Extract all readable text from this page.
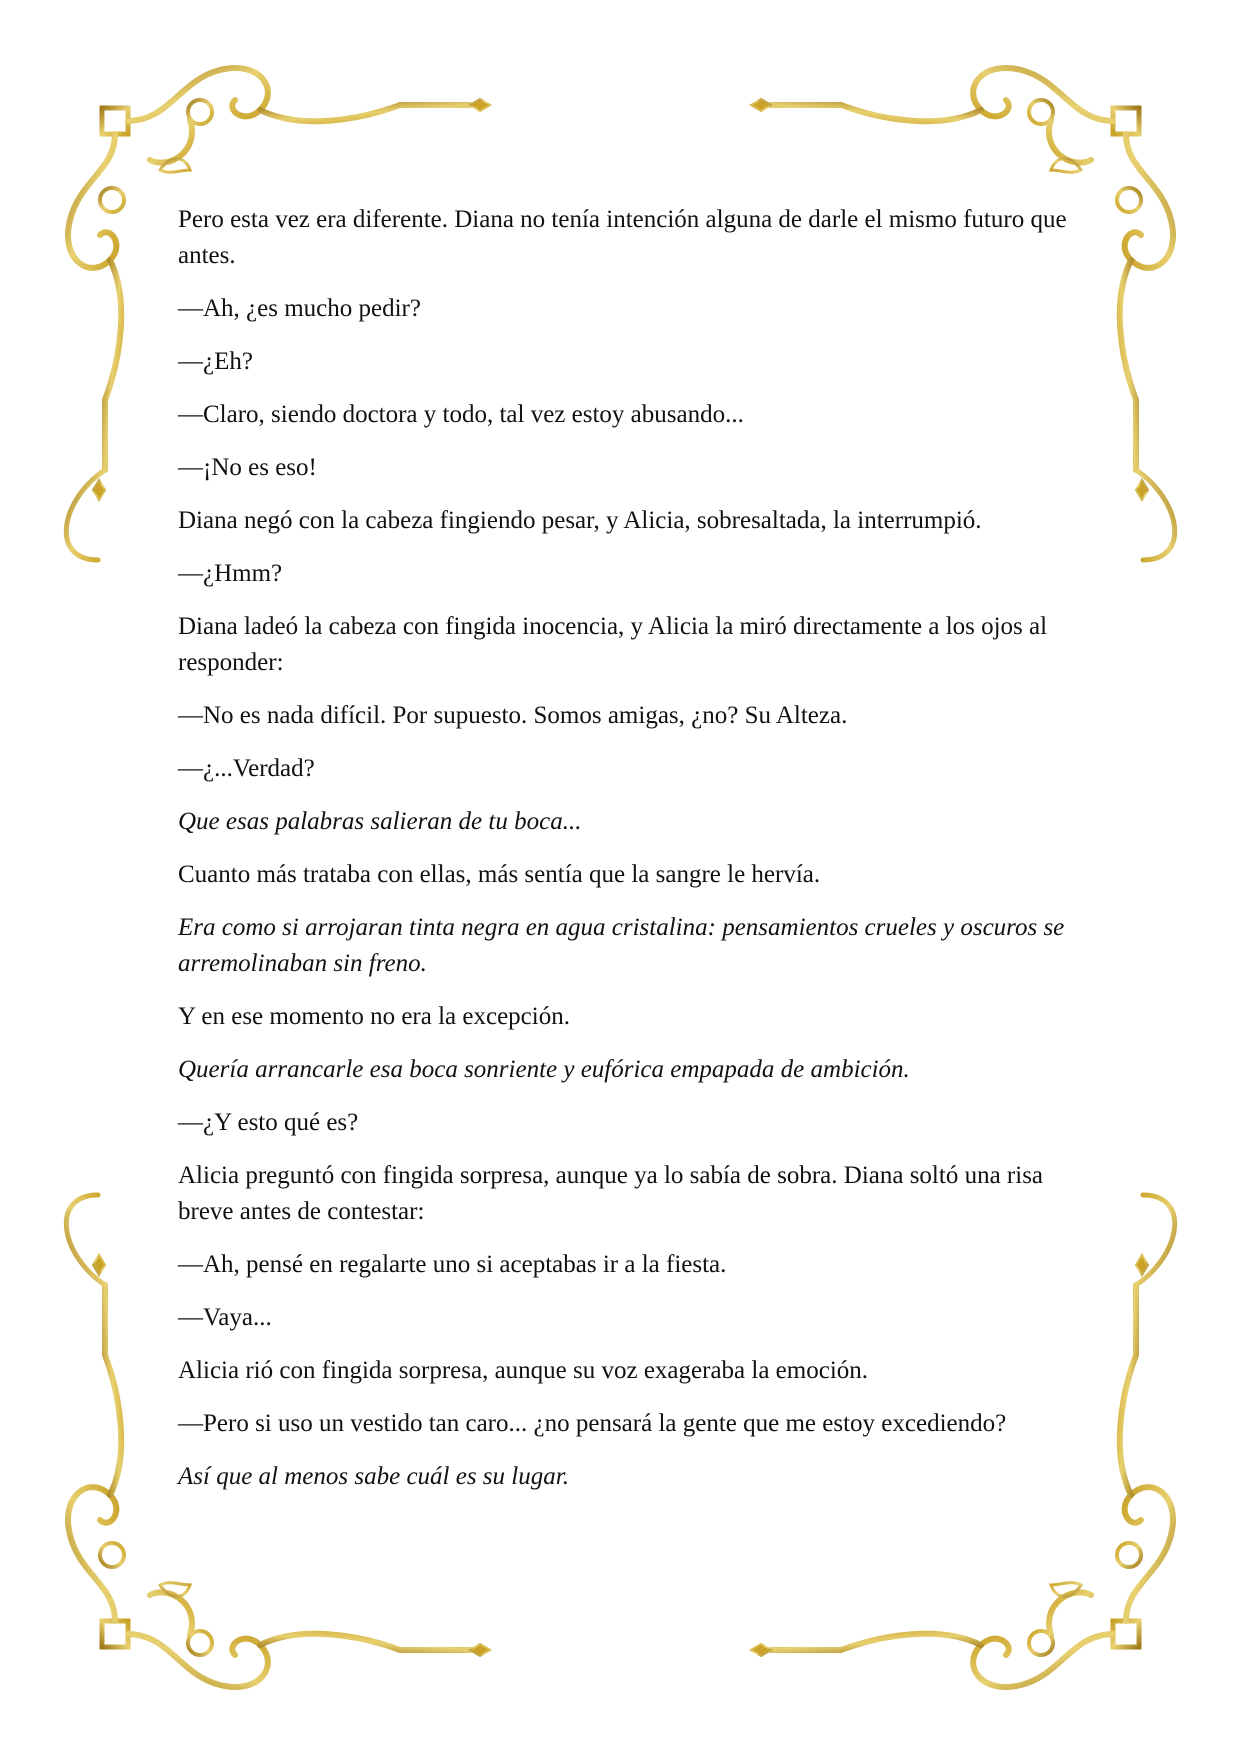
Pero esta vez era diferente. Diana no tenía intención alguna de darle el mismo futuro que antes.

—Ah, ¿es mucho pedir?

—¿Eh?

—Claro, siendo doctora y todo, tal vez estoy abusando...

—¡No es eso!

Diana negó con la cabeza fingiendo pesar, y Alicia, sobresaltada, la interrumpió.

—¿Hmm?

Diana ladeó la cabeza con fingida inocencia, y Alicia la miró directamente a los ojos al responder:

—No es nada difícil. Por supuesto. Somos amigas, ¿no? Su Alteza.

—¿...Verdad?

Que esas palabras salieran de tu boca...

Cuanto más trataba con ellas, más sentía que la sangre le hervía.

Era como si arrojaran tinta negra en agua cristalina: pensamientos crueles y oscuros se arremolinaban sin freno.

Y en ese momento no era la excepción.

Quería arrancarle esa boca sonriente y eufórica empapada de ambición.

—¿Y esto qué es?

Alicia preguntó con fingida sorpresa, aunque ya lo sabía de sobra. Diana soltó una risa breve antes de contestar:

—Ah, pensé en regalarte uno si aceptabas ir a la fiesta.

—Vaya...

Alicia rió con fingida sorpresa, aunque su voz exageraba la emoción.

—Pero si uso un vestido tan caro... ¿no pensará la gente que me estoy excediendo?

Así que al menos sabe cuál es su lugar.
